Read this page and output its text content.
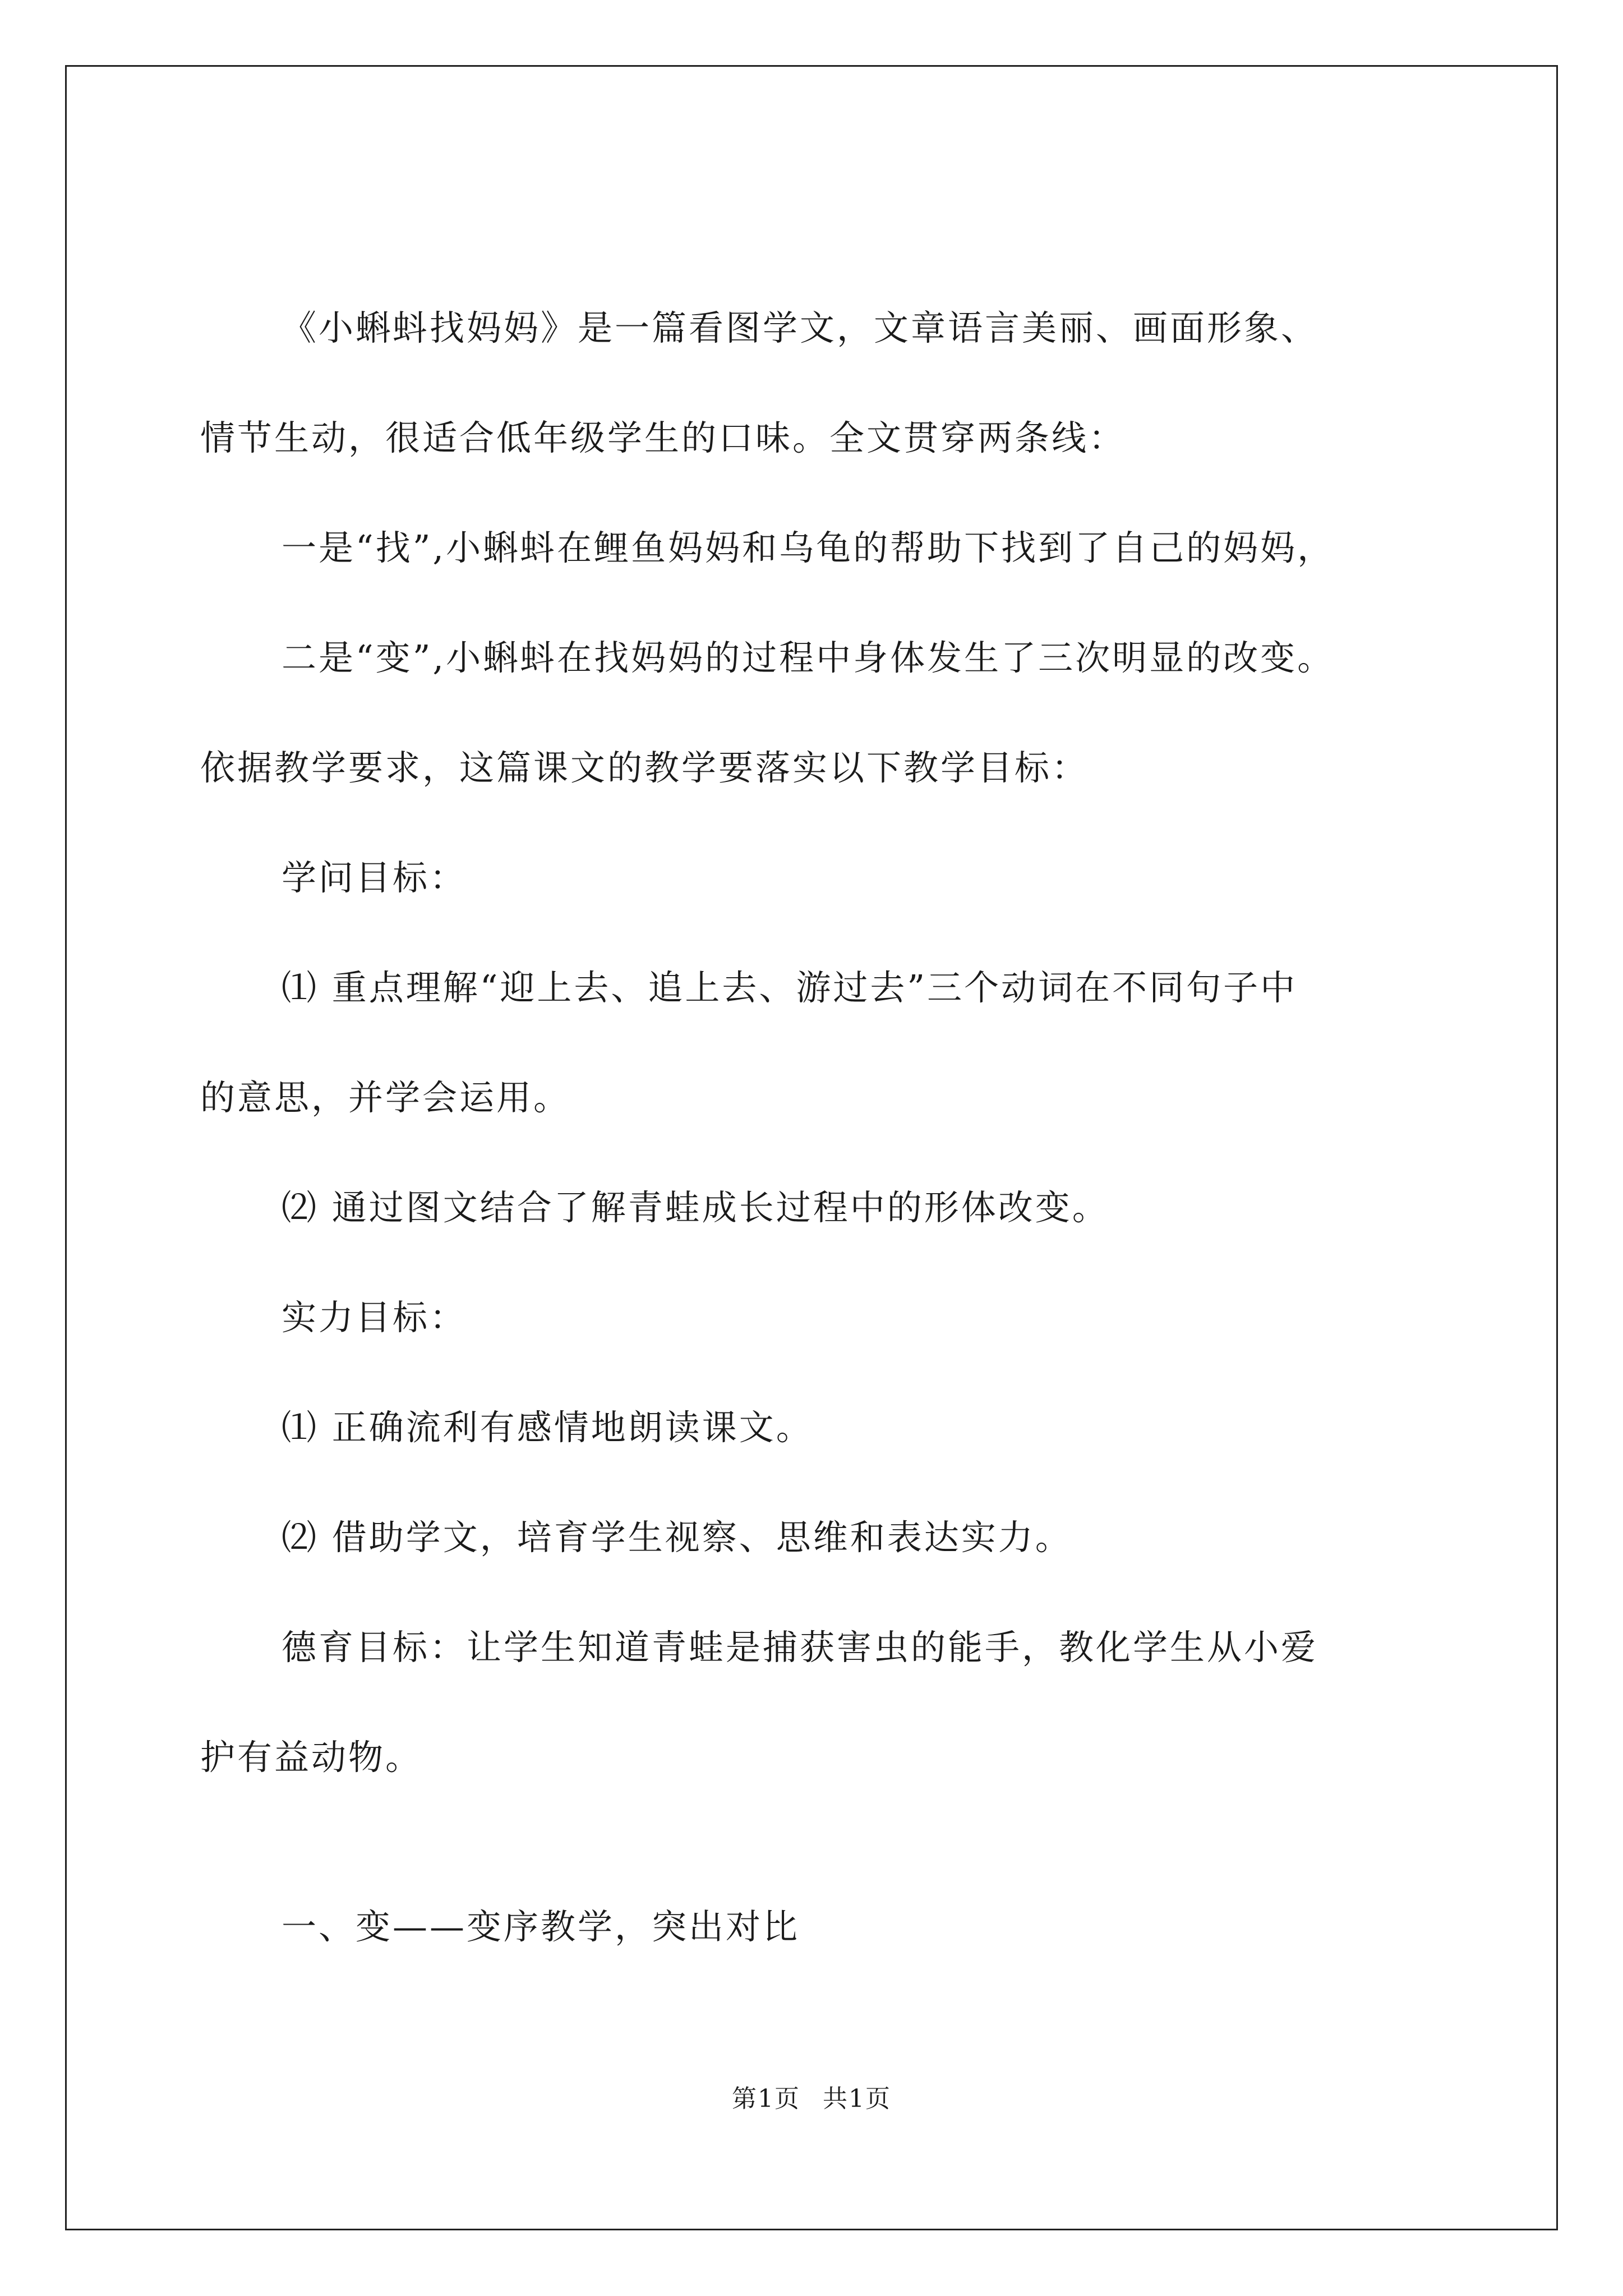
《小蝌蚪找妈妈》是一篇看图学文，文章语言美丽、画面形象、
情节生动，很适合低年级学生的口味。全文贯穿两条线：
一是“找”,小蝌蚪在鲤鱼妈妈和乌龟的帮助下找到了自己的妈妈，
二是“变”,小蝌蚪在找妈妈的过程中身体发生了三次明显的改变。
依据教学要求，这篇课文的教学要落实以下教学目标：
学问目标：
⑴ 重点理解“迎上去、追上去、游过去”三个动词在不同句子中
的意思，并学会运用。
⑵ 通过图文结合了解青蛙成长过程中的形体改变。
实力目标：
⑴ 正确流利有感情地朗读课文。
⑵ 借助学文，培育学生视察、思维和表达实力。
德育目标：让学生知道青蛙是捕获害虫的能手，教化学生从小爱
护有益动物。
一、变——变序教学，突出对比
第1页 共1页
